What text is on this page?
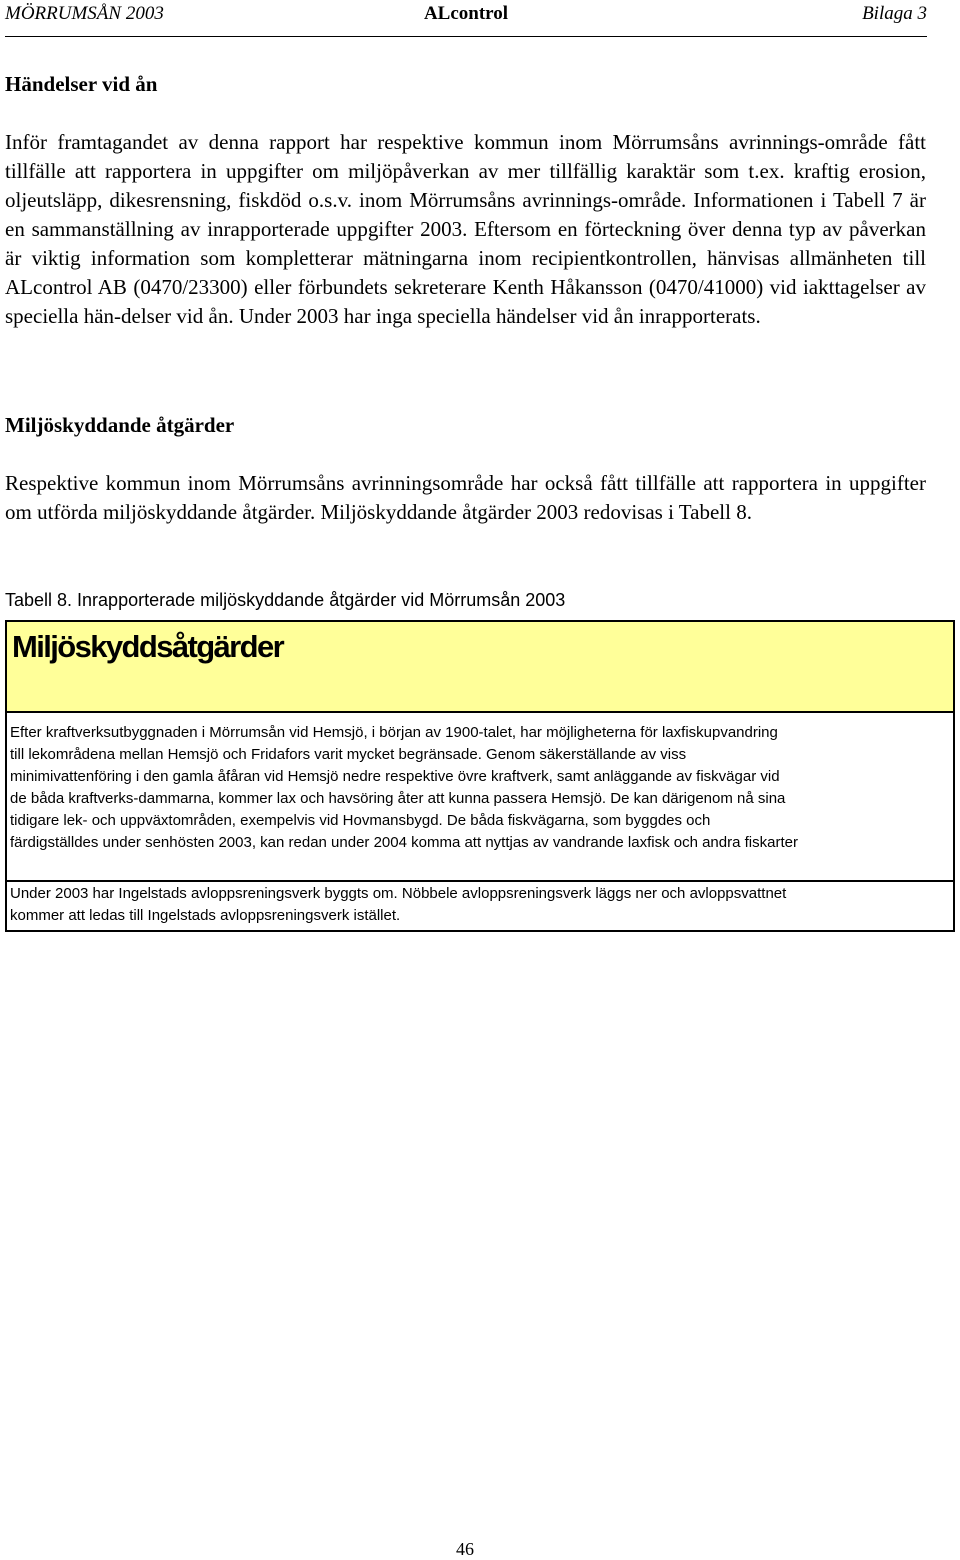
MÖRRUMSÅN 2003	ALcontrol	Bilaga 3
Händelser vid ån
Inför framtagandet av denna rapport har respektive kommun inom Mörrumsåns avrinnings-område fått tillfälle att rapportera in uppgifter om miljöpåverkan av mer tillfällig karaktär som t.ex. kraftig erosion, oljeutsläpp, dikesrensning, fiskdöd o.s.v. inom Mörrumsåns avrinnings-område. Informationen i Tabell 7 är en sammanställning av inrapporterade uppgifter 2003. Eftersom en förteckning över denna typ av påverkan är viktig information som kompletterar mätningarna inom recipientkontrollen, hänvisas allmänheten till ALcontrol AB (0470/23300) eller förbundets sekreterare Kenth Håkansson (0470/41000) vid iakttagelser av speciella hän-delser vid ån. Under 2003 har inga speciella händelser vid ån inrapporterats.
Miljöskyddande åtgärder
Respektive kommun inom Mörrumsåns avrinningsområde har också fått tillfälle att rapportera in uppgifter om utförda miljöskyddande åtgärder. Miljöskyddande åtgärder 2003 redovisas i Tabell 8.
Tabell 8. Inrapporterade miljöskyddande åtgärder vid Mörrumsån 2003
Miljöskyddsåtgärder
Efter kraftverksutbyggnaden i Mörrumsån vid Hemsjö, i början av 1900-talet, har möjligheterna för laxfiskupvandring
till lekområdena mellan Hemsjö och Fridafors varit mycket begränsade. Genom säkerställande av viss
minimivattenföring i den gamla åfåran vid Hemsjö nedre respektive övre kraftverk, samt anläggande av fiskvägar vid
de båda kraftverks-dammarna, kommer lax och havsöring åter att kunna passera Hemsjö. De kan därigenom nå sina
tidigare lek- och uppväxtområden, exempelvis vid Hovmansbygd. De båda fiskvägarna, som byggdes och
färdigställdes under senhösten 2003, kan redan under 2004 komma att nyttjas av vandrande laxfisk och andra fiskarter
Under 2003 har Ingelstads avloppsreningsverk byggts om. Nöbbele avloppsreningsverk läggs ner och avloppsvattnet
kommer att ledas till Ingelstads avloppsreningsverk istället.
46
